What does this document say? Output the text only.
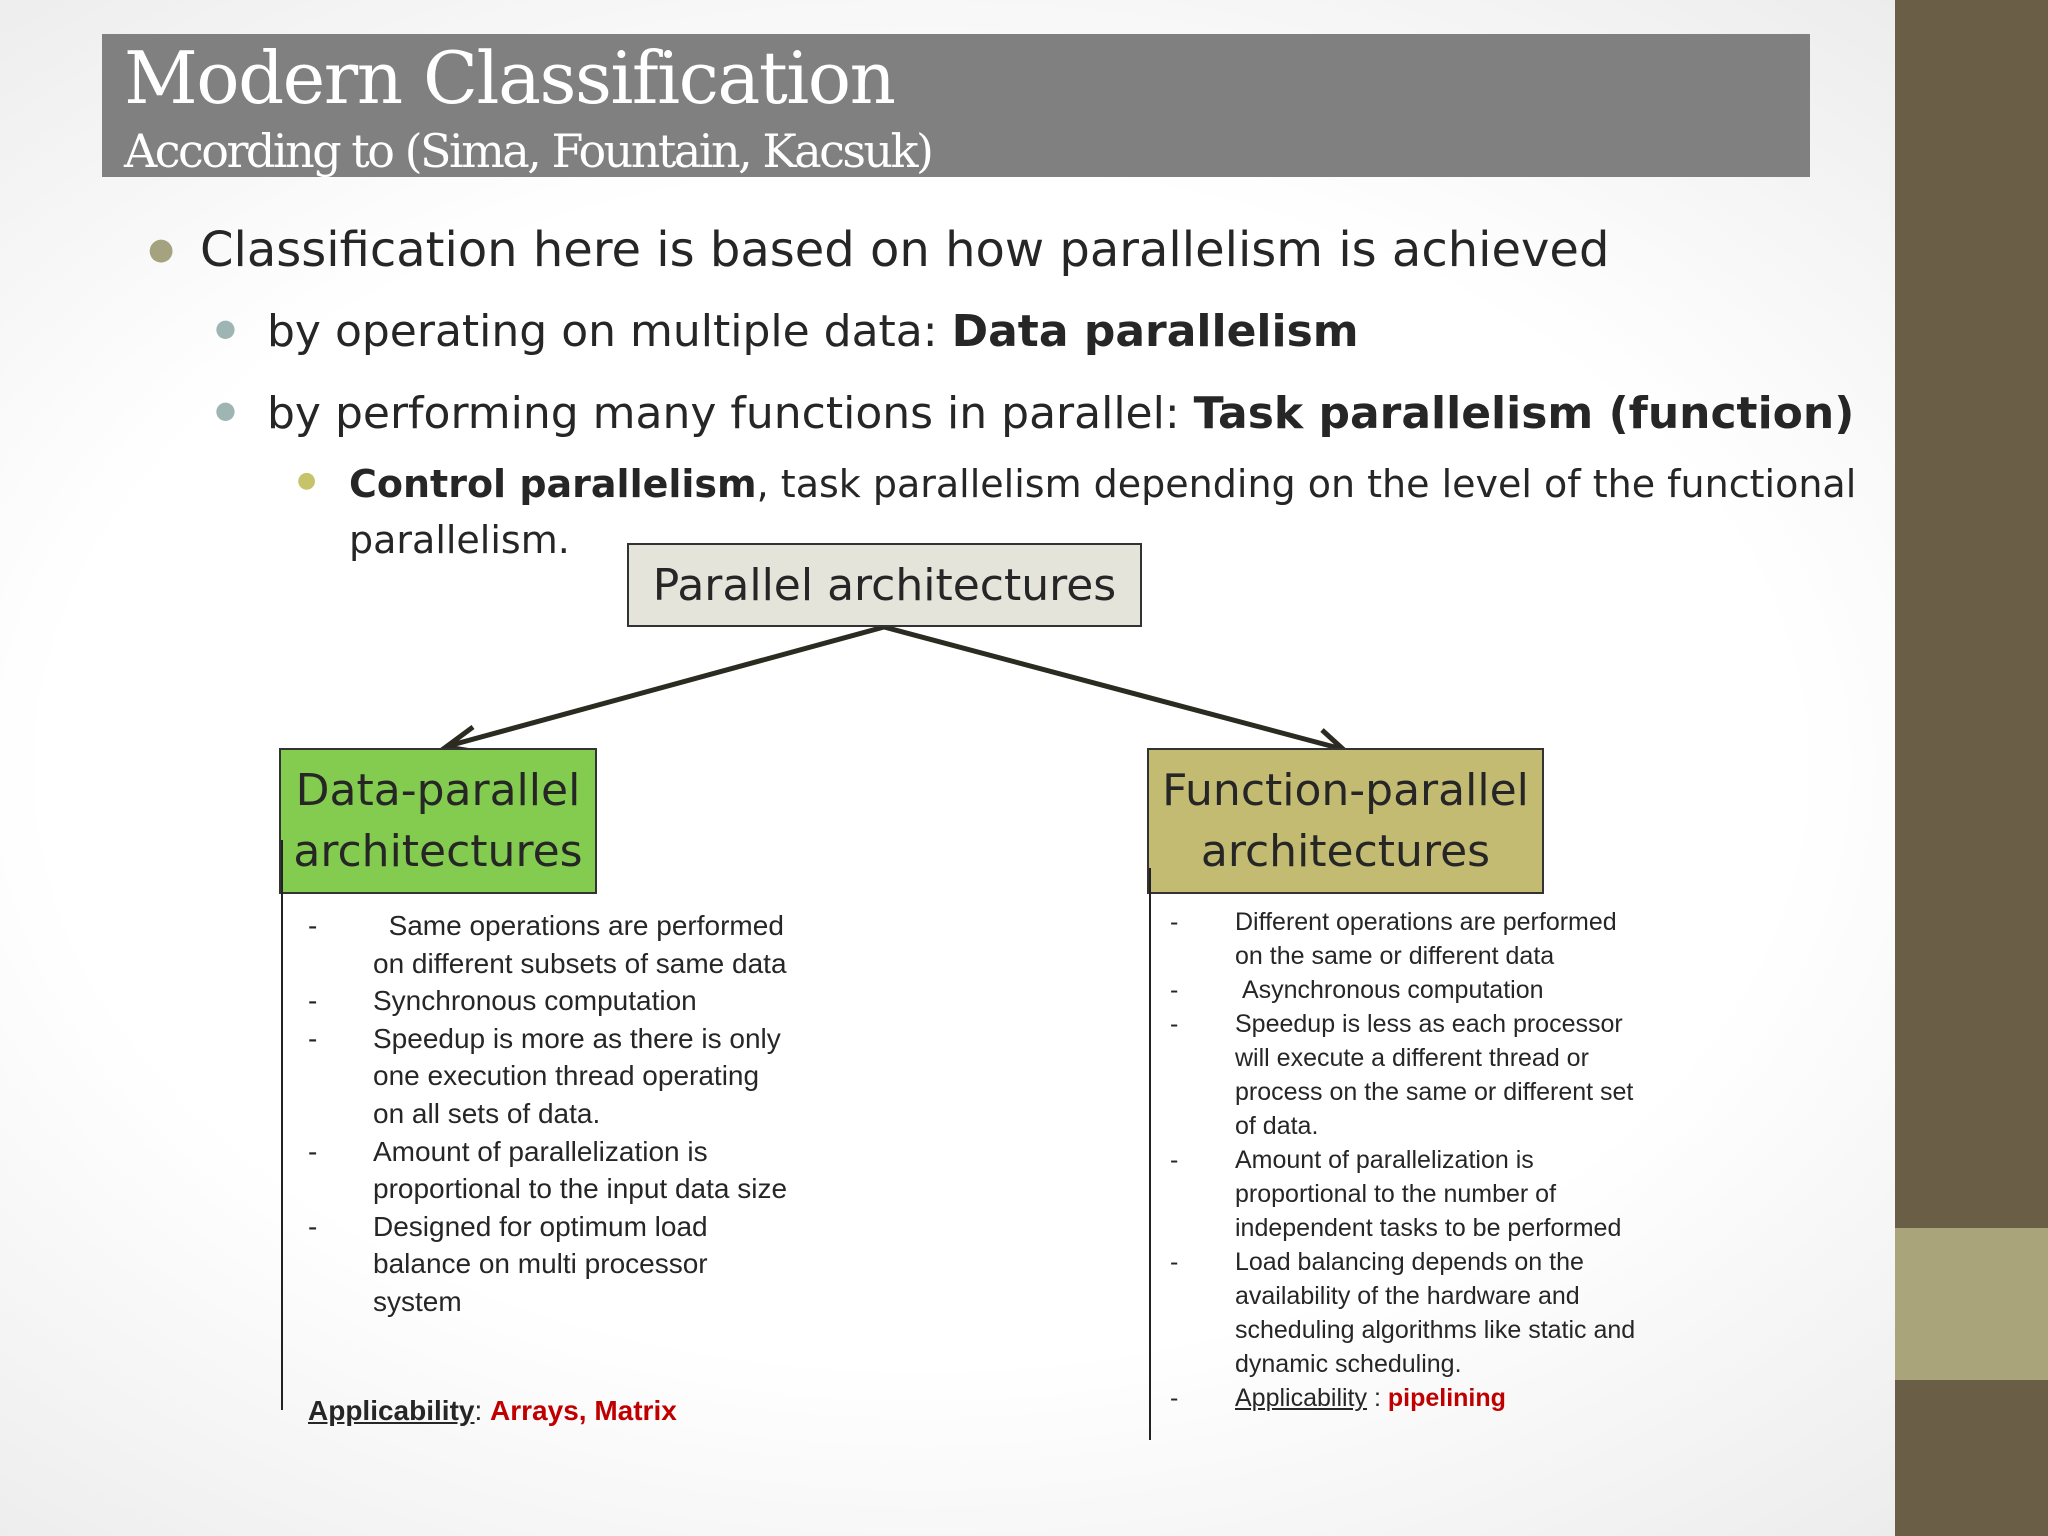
Modern Classification
According to (Sima, Fountain, Kacsuk)
● Classification here is based on how parallelism is achieved
● by operating on multiple data: Data parallelism
● by performing many functions in parallel: Task parallelism (function)
● Control parallelism, task parallelism depending on the level of the functional
parallelism.
Parallel architectures
Data-parallel
architectures
Function-parallel
architectures
- Same operations are performed on different subsets of same data
- Synchronous computation
- Speedup is more as there is only one execution thread operating on all sets of data.
- Amount of parallelization is proportional to the input data size
- Designed for optimum load balance on multi processor system
Applicability: Arrays, Matrix
- Different operations are performed on the same or different data
- Asynchronous computation
- Speedup is less as each processor will execute a different thread or process on the same or different set of data.
- Amount of parallelization is proportional to the number of independent tasks to be performed
- Load balancing depends on the availability of the hardware and scheduling algorithms like static and dynamic scheduling.
- Applicability : pipelining
